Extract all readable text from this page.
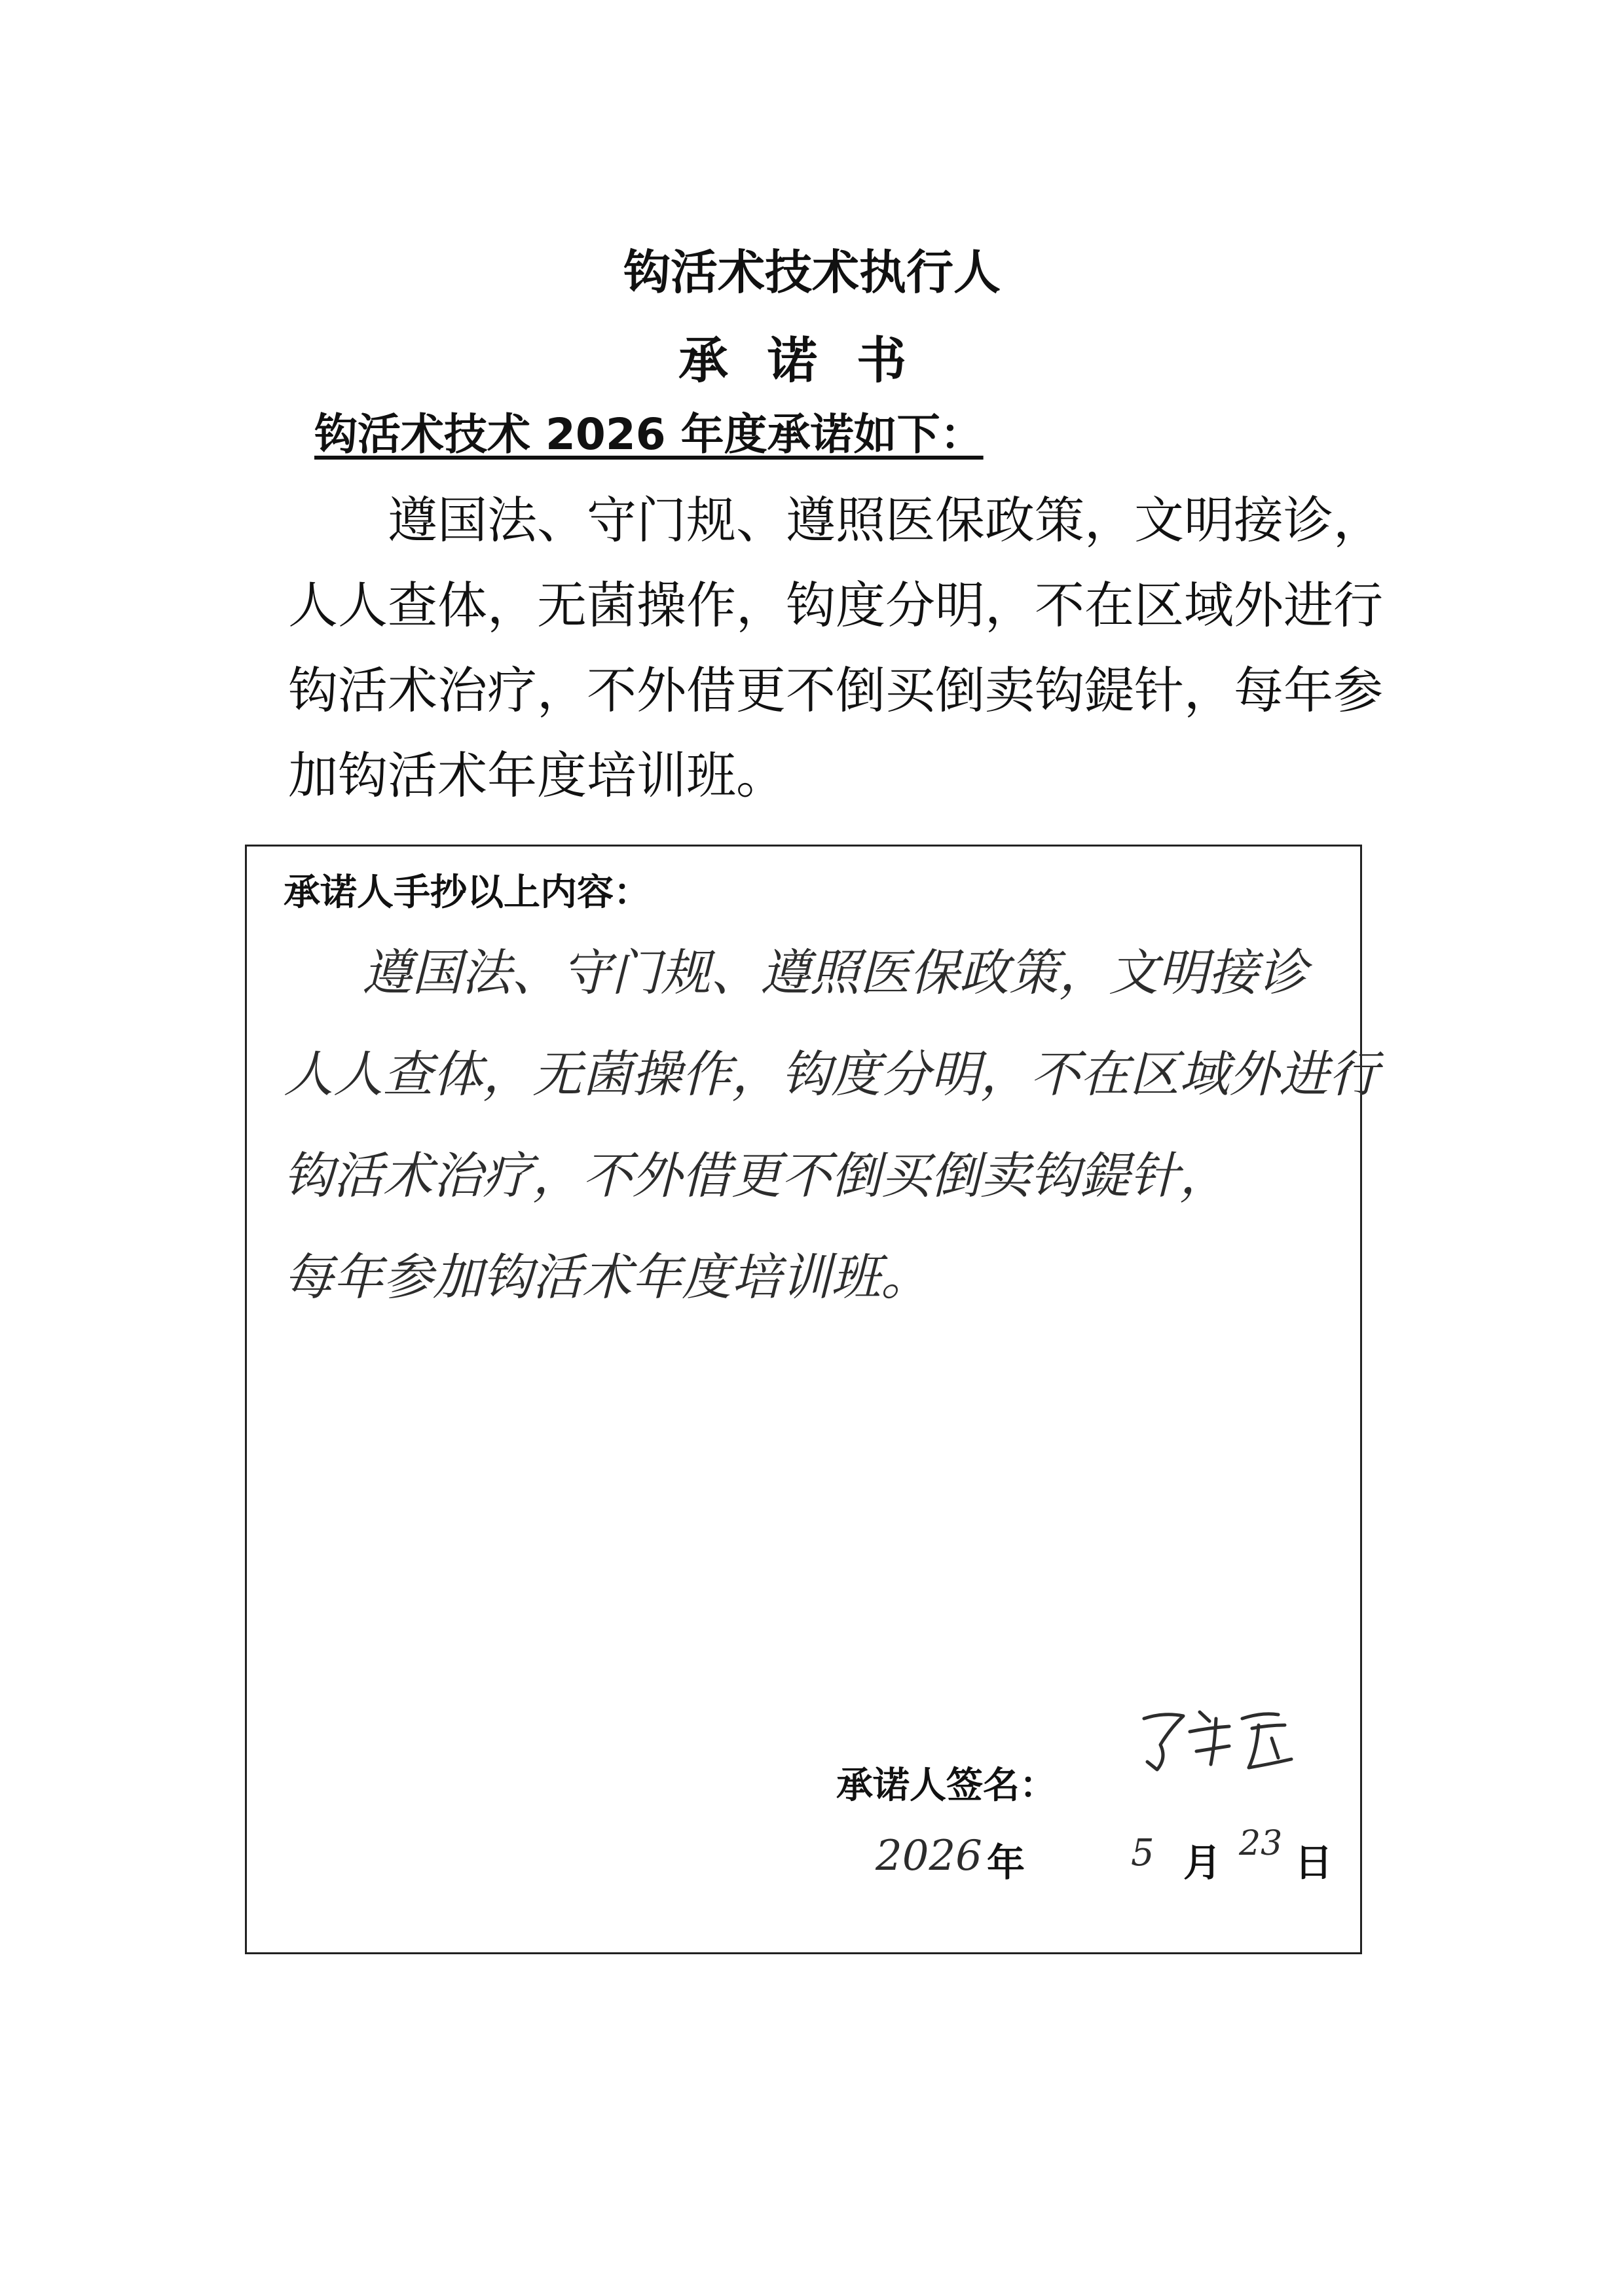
钩活术技术执行人
承诺书
钩活术技术 2026 年度承诺如下：
遵国法、守门规、遵照医保政策，文明接诊，人人查体，无菌操作，钩度分明，不在区域外进行钩活术治疗，不外借更不倒买倒卖钩鍉针，每年参加钩活术年度培训班。
承诺人手抄以上内容：
遵国法、守门规、遵照医保政策，文明接诊
人人查体，无菌操作，钩度分明，不在区域外进行
钩活术治疗，不外借更不倒买倒卖钩鍉针，
每年参加钩活术年度培训班。
承诺人签名：
2026 年	5 月 23 日
